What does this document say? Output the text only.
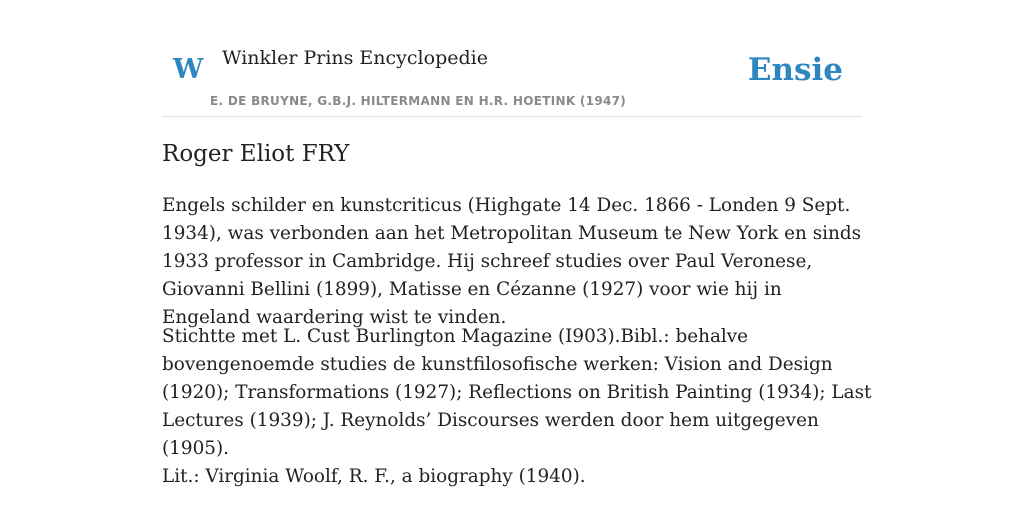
W Winkler Prins Encyclopedie
E. DE BRUYNE, G.B.J. HILTERMANN EN H.R. HOETINK (1947)
Ensie
Roger Eliot FRY

Engels schilder en kunstcriticus (Highgate 14 Dec. 1866 - Londen 9 Sept. 1934), was verbonden aan het Metropolitan Museum te New York en sinds 1933 professor in Cambridge. Hij schreef studies over Paul Veronese, Giovanni Bellini (1899), Matisse en Cézanne (1927) voor wie hij in Engeland waardering wist te vinden.

Stichtte met L. Cust Burlington Magazine (I903).Bibl.: behalve bovengenoemde studies de kunstfilosofische werken: Vision and Design (1920); Transformations (1927); Reflections on British Painting (1934); Last Lectures (1939); J. Reynolds’ Discourses werden door hem uitgegeven (1905).

Lit.: Virginia Woolf, R. F., a biography (1940).
